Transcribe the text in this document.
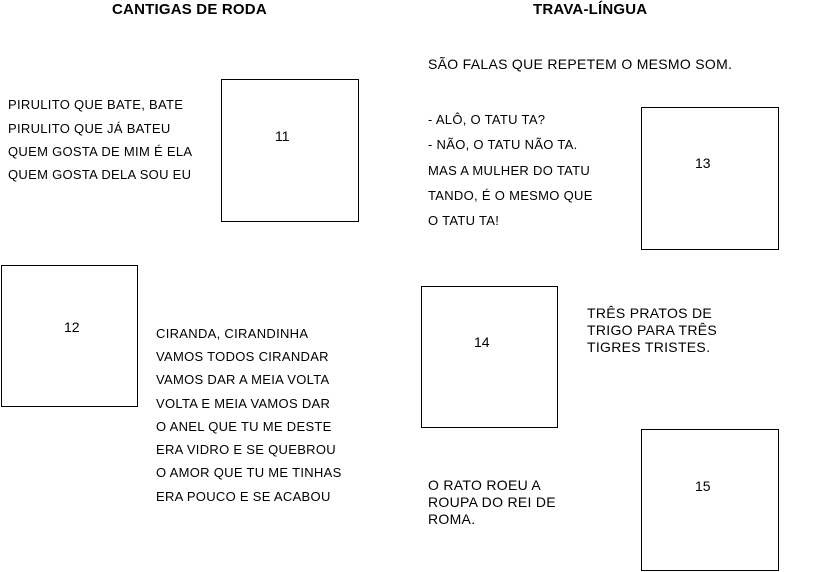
CANTIGAS DE RODA	TRAVA-LÍNGUA
PIRULITO QUE BATE, BATE
PIRULITO QUE JÁ BATEU
QUEM GOSTA DE MIM É ELA
QUEM GOSTA DELA SOU EU
11
12	CIRANDA, CIRANDINHA
VAMOS TODOS CIRANDAR
VAMOS DAR A MEIA VOLTA
VOLTA E MEIA VAMOS DAR
O ANEL QUE TU ME DESTE
ERA VIDRO E SE QUEBROU
O AMOR QUE TU ME TINHAS
ERA POUCO E SE ACABOU
SÃO FALAS QUE REPETEM O MESMO SOM.
- ALÔ, O TATU TA?
- NÃO, O TATU NÃO TA.
MAS A MULHER DO TATU
TANDO, É O MESMO QUE
O TATU TA!
13
14
TRÊS PRATOS DE
TRIGO PARA TRÊS
TIGRES TRISTES.
15
O RATO ROEU A
ROUPA DO REI DE
ROMA.
